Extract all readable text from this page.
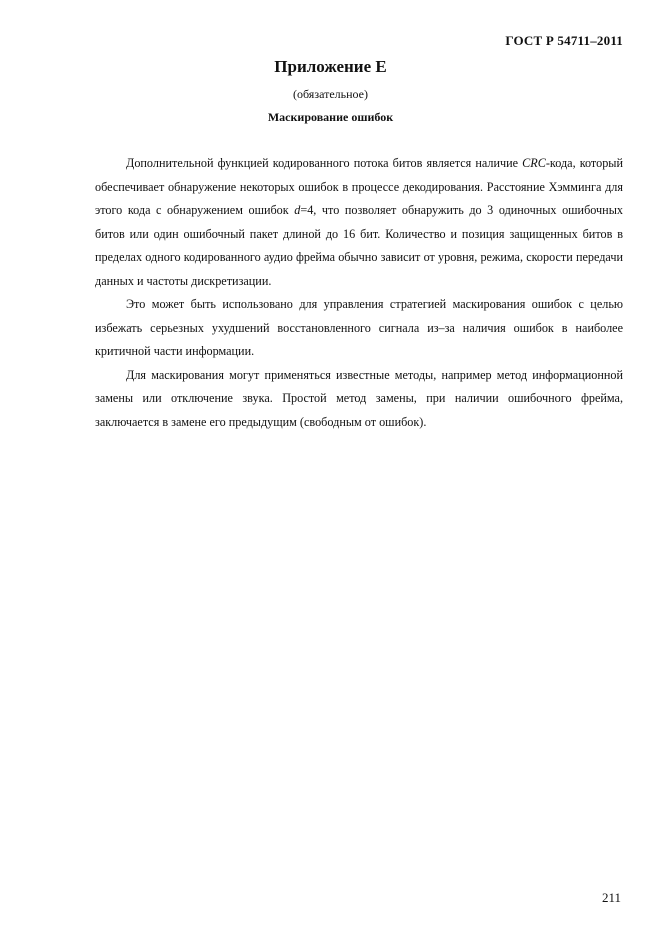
ГОСТ Р 54711–2011
Приложение Е
(обязательное)
Маскирование ошибок

Дополнительной функцией кодированного потока битов является наличие CRC-кода, который обеспечивает обнаружение некоторых ошибок в процессе декодирования. Расстояние Хэмминга для этого кода с обнаружением ошибок d=4, что позволяет обнаружить до 3 одиночных ошибочных битов или один ошибочный пакет длиной до 16 бит. Количество и позиция защищенных битов в пределах одного кодированного аудио фрейма обычно зависит от уровня, режима, скорости передачи данных и частоты дискретизации.

Это может быть использовано для управления стратегией маскирования ошибок с целью избежать серьезных ухудшений восстановленного сигнала из–за наличия ошибок в наиболее критичной части информации.

Для маскирования могут применяться известные методы, например метод информационной замены или отключение звука. Простой метод замены, при наличии ошибочного фрейма, заключается в замене его предыдущим (свободным от ошибок).

211
